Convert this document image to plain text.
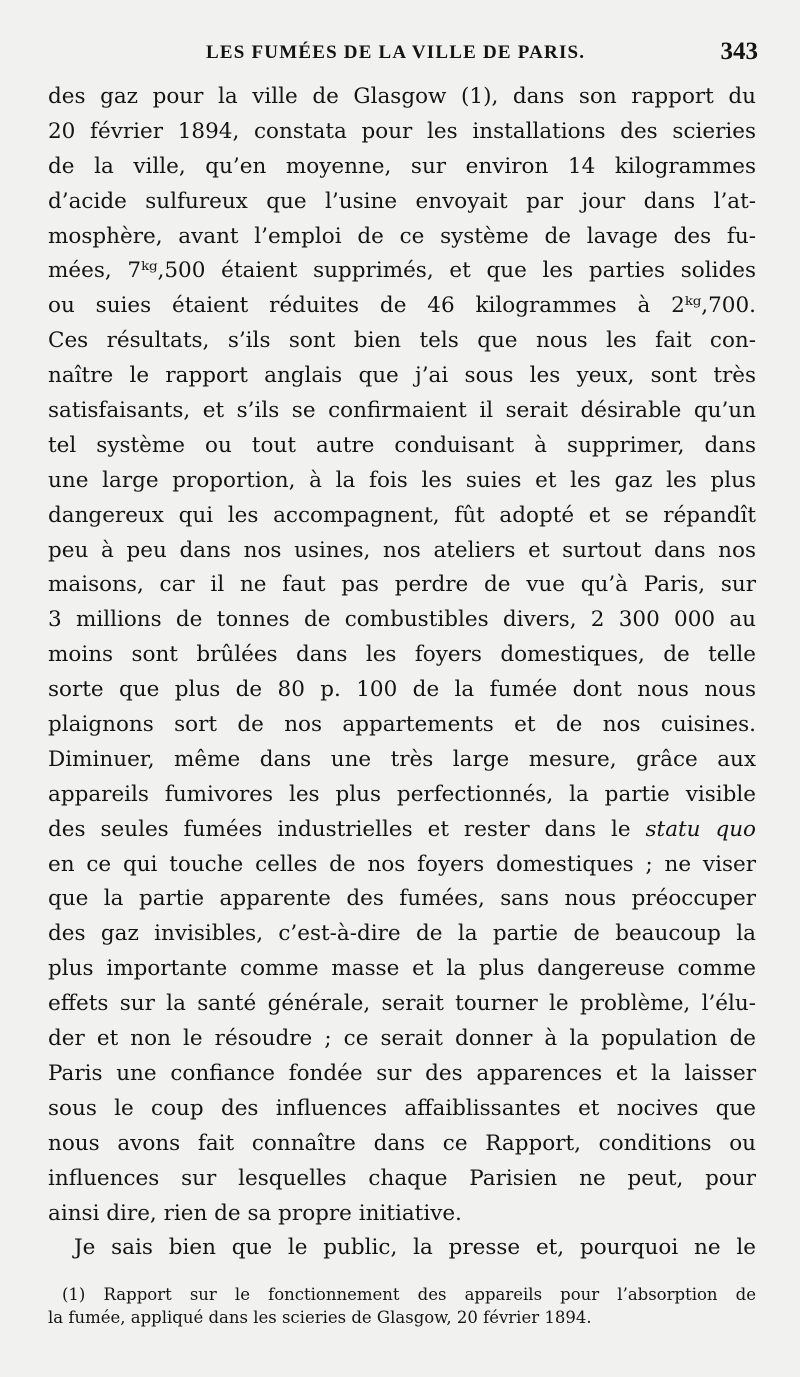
LES FUMÉES DE LA VILLE DE PARIS.	343
des gaz pour la ville de Glasgow (1), dans son rapport du
20 février 1894, constata pour les installations des scieries
de la ville, qu’en moyenne, sur environ 14 kilogrammes
d’acide sulfureux que l’usine envoyait par jour dans l’at-
mosphère, avant l’emploi de ce système de lavage des fu-
mées, 7ᵏᵍ,500 étaient supprimés, et que les parties solides
ou suies étaient réduites de 46 kilogrammes à 2ᵏᵍ,700.
Ces résultats, s’ils sont bien tels que nous les fait con-
naître le rapport anglais que j’ai sous les yeux, sont très
satisfaisants, et s’ils se confirmaient il serait désirable qu’un
tel système ou tout autre conduisant à supprimer, dans
une large proportion, à la fois les suies et les gaz les plus
dangereux qui les accompagnent, fût adopté et se répandît
peu à peu dans nos usines, nos ateliers et surtout dans nos
maisons, car il ne faut pas perdre de vue qu’à Paris, sur
3 millions de tonnes de combustibles divers, 2 300 000 au
moins sont brûlées dans les foyers domestiques, de telle
sorte que plus de 80 p. 100 de la fumée dont nous nous
plaignons sort de nos appartements et de nos cuisines.
Diminuer, même dans une très large mesure, grâce aux
appareils fumivores les plus perfectionnés, la partie visible
des seules fumées industrielles et rester dans le statu quo
en ce qui touche celles de nos foyers domestiques ; ne viser
que la partie apparente des fumées, sans nous préoccuper
des gaz invisibles, c’est-à-dire de la partie de beaucoup la
plus importante comme masse et la plus dangereuse comme
effets sur la santé générale, serait tourner le problème, l’élu-
der et non le résoudre ; ce serait donner à la population de
Paris une confiance fondée sur des apparences et la laisser
sous le coup des influences affaiblissantes et nocives que
nous avons fait connaître dans ce Rapport, conditions ou
influences sur lesquelles chaque Parisien ne peut, pour
ainsi dire, rien de sa propre initiative.
Je sais bien que le public, la presse et, pourquoi ne le
(1) Rapport sur le fonctionnement des appareils pour l’absorption de
la fumée, appliqué dans les scieries de Glasgow, 20 février 1894.
